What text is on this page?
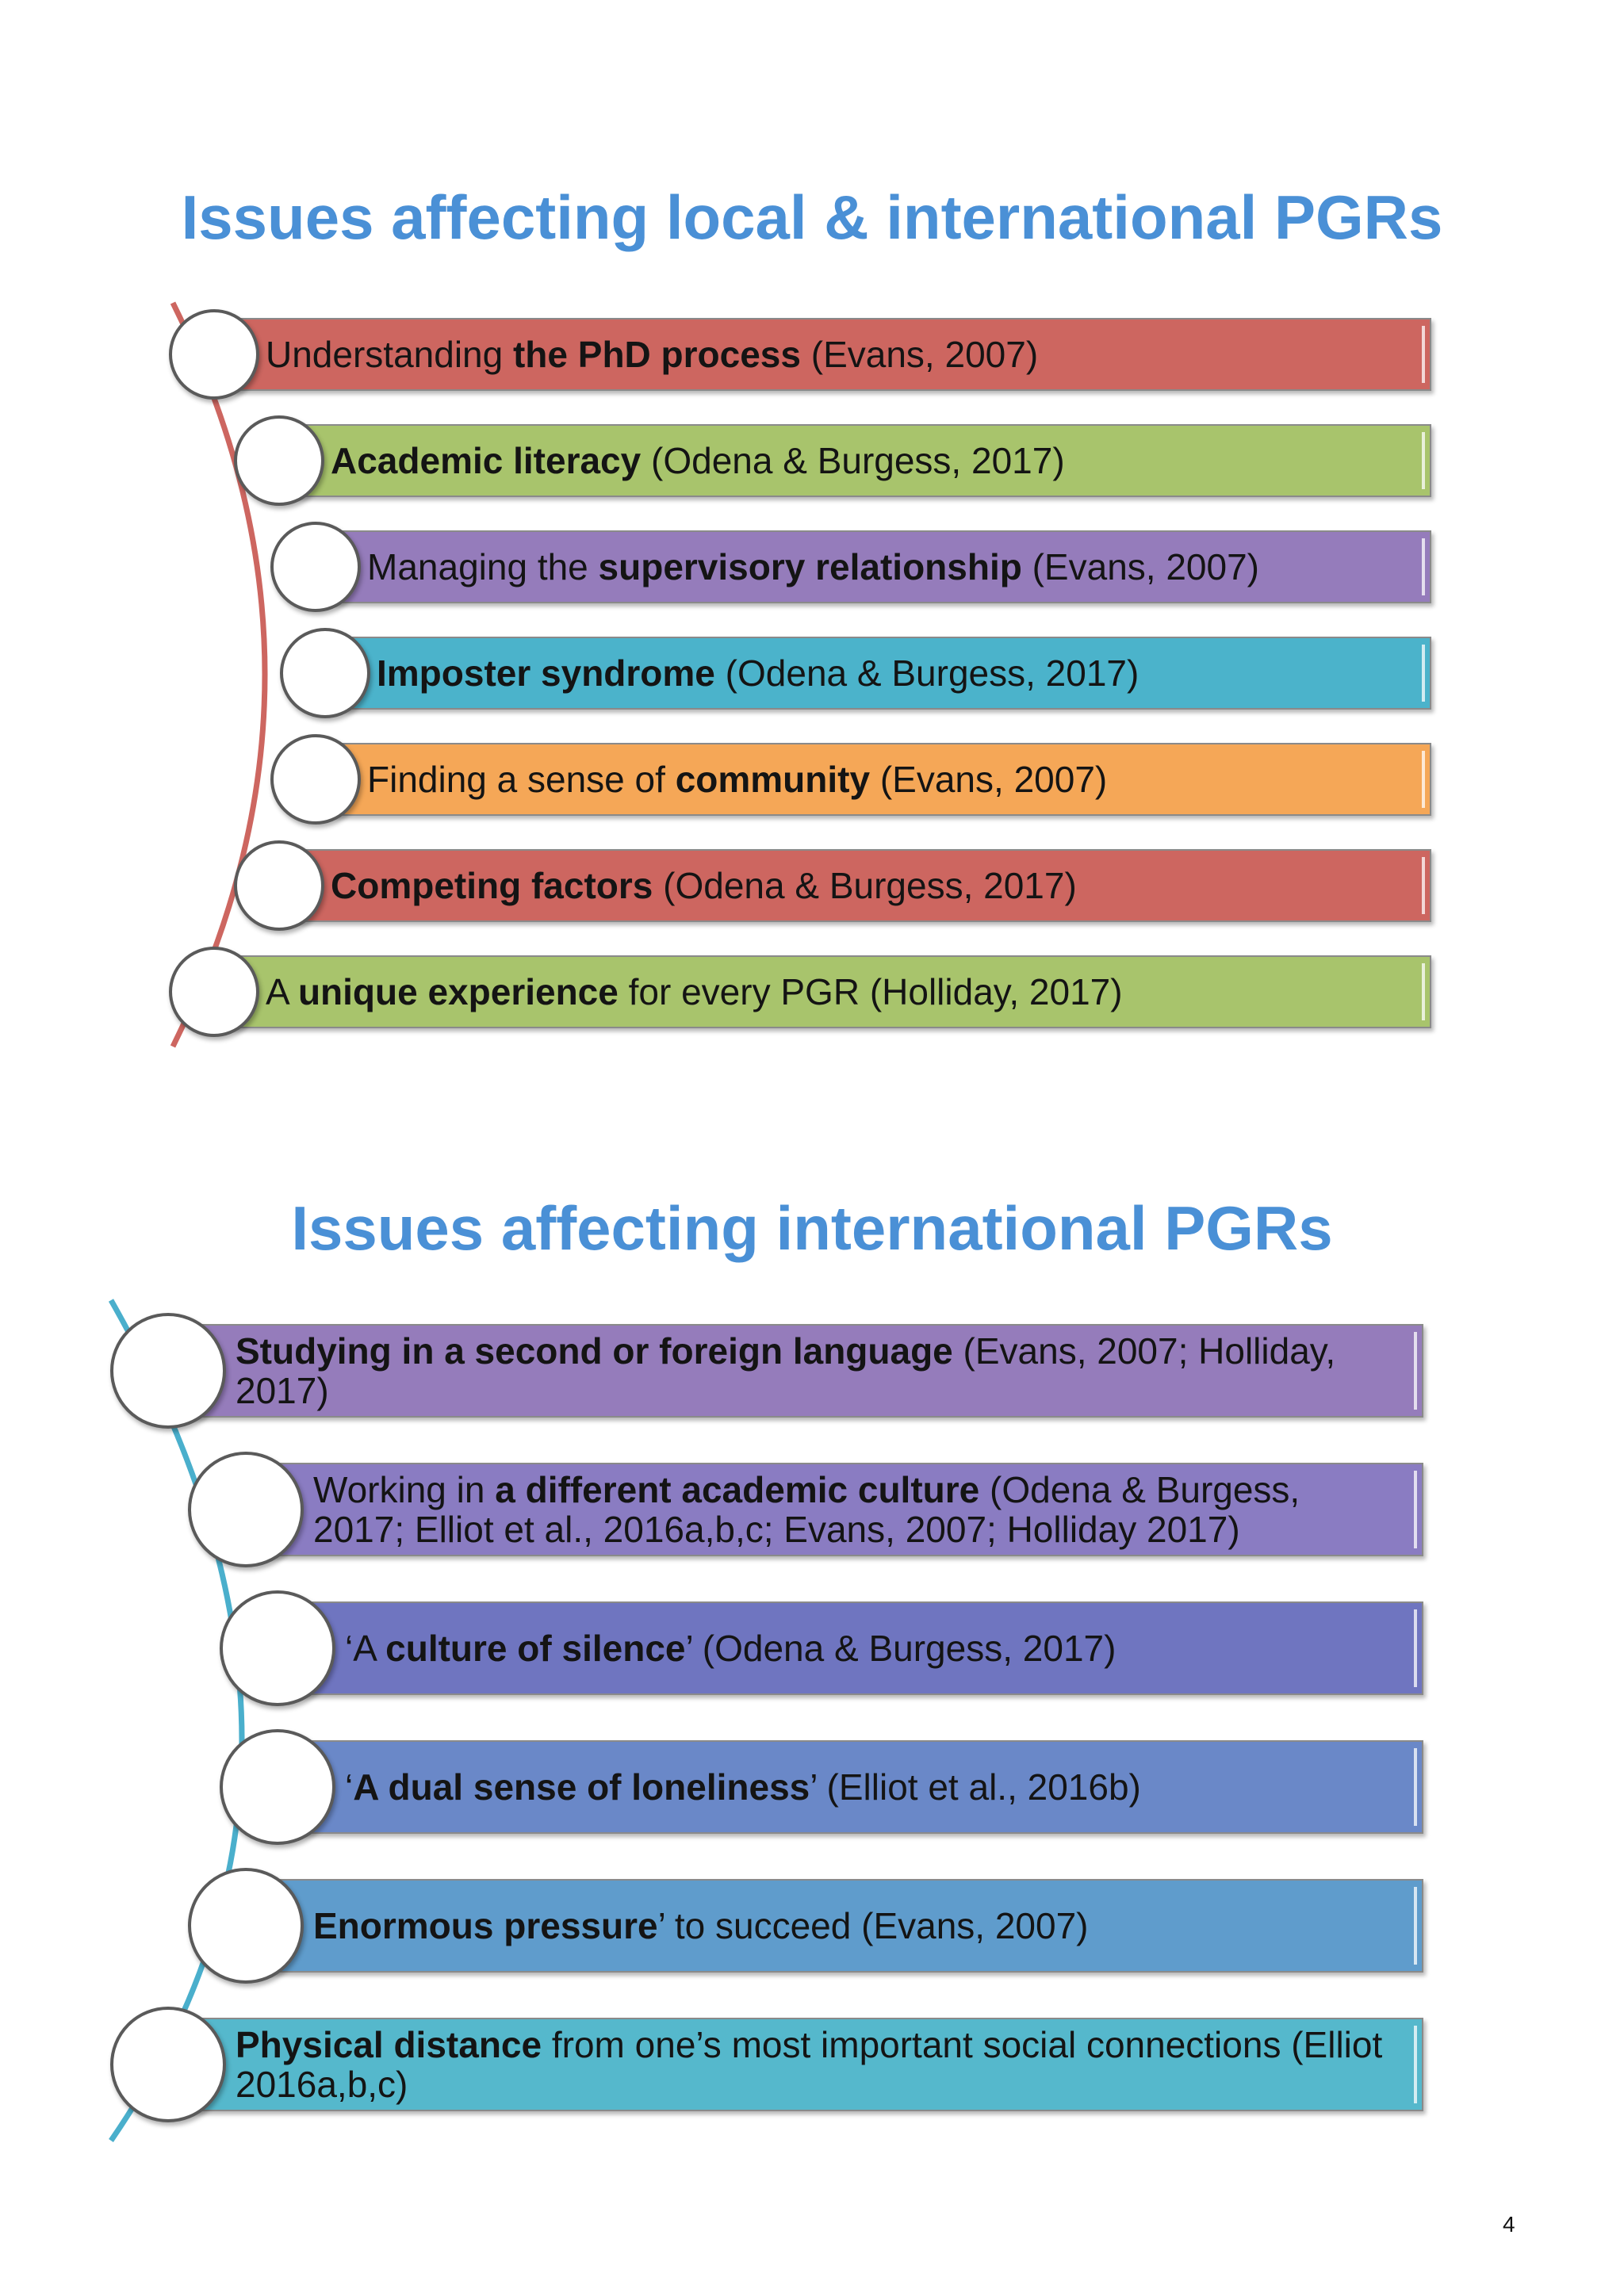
Issues affecting local & international PGRs
Understanding the PhD process (Evans, 2007)
Academic literacy (Odena & Burgess, 2017)
Managing the supervisory relationship (Evans, 2007)
Imposter syndrome (Odena & Burgess, 2017)
Finding a sense of community (Evans, 2007)
Competing factors (Odena & Burgess, 2017)
A unique experience for every PGR (Holliday, 2017)
Issues affecting international PGRs
Studying in a second or foreign language (Evans, 2007; Holliday, 2017)
Working in a different academic culture (Odena & Burgess, 2017; Elliot et al., 2016a,b,c; Evans, 2007; Holliday 2017)
‘A culture of silence’ (Odena & Burgess, 2017)
‘A dual sense of loneliness’ (Elliot et al., 2016b)
Enormous pressure’ to succeed (Evans, 2007)
Physical distance from one’s most important social connections (Elliot 2016a,b,c)
4
